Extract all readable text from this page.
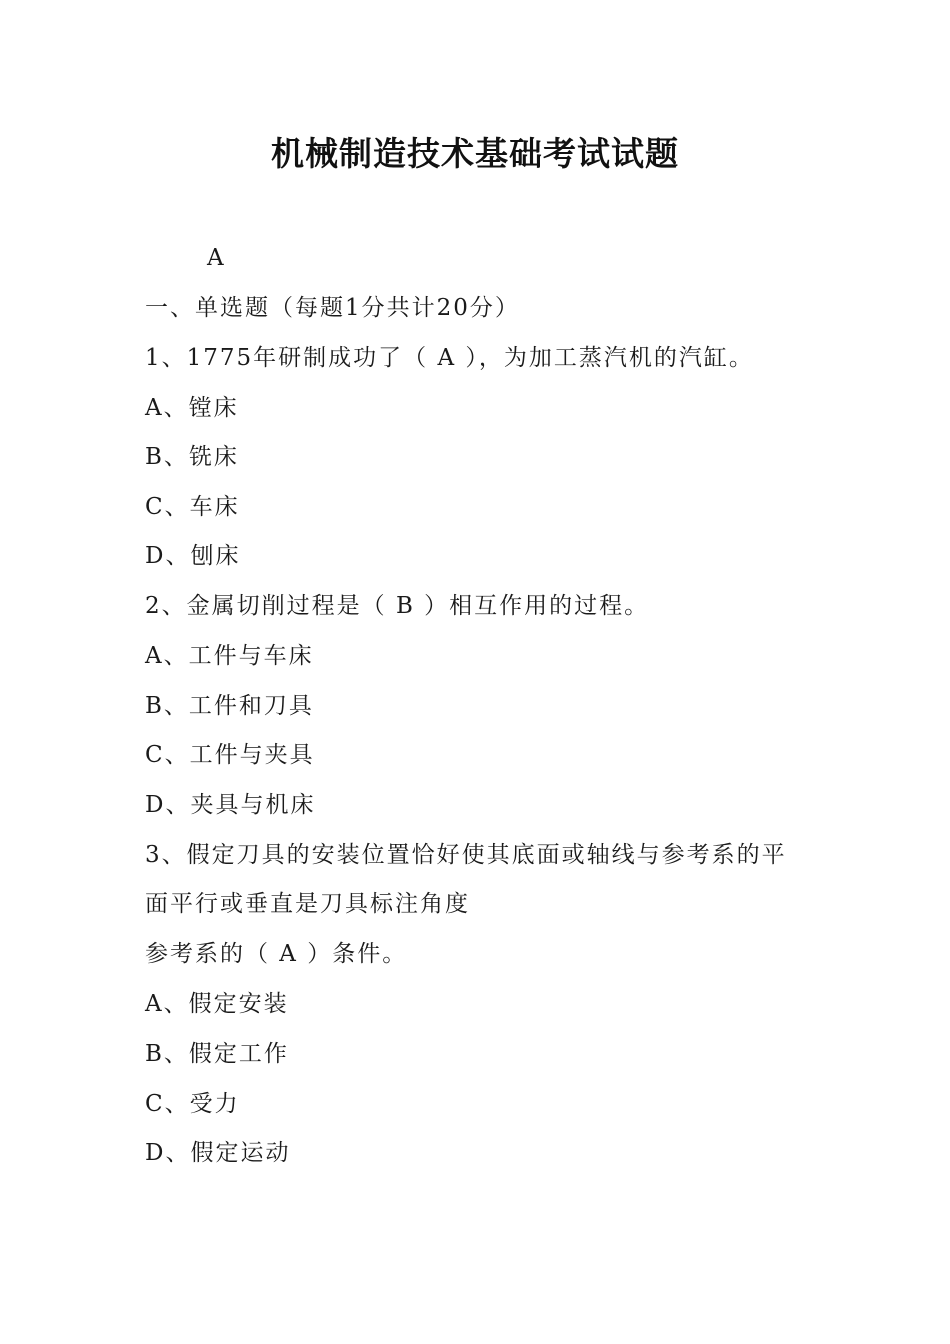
机械制造技术基础考试试题
A
一、单选题（每题1分共计20分）
1、1775年研制成功了（ A ），为加工蒸汽机的汽缸。
A、镗床
B、铣床
C、车床
D、刨床
2、金属切削过程是（ B ）相互作用的过程。
A、工件与车床
B、工件和刀具
C、工件与夹具
D、夹具与机床
3、假定刀具的安装位置恰好使其底面或轴线与参考系的平
面平行或垂直是刀具标注角度
参考系的（ A ）条件。
A、假定安装
B、假定工作
C、受力
D、假定运动
